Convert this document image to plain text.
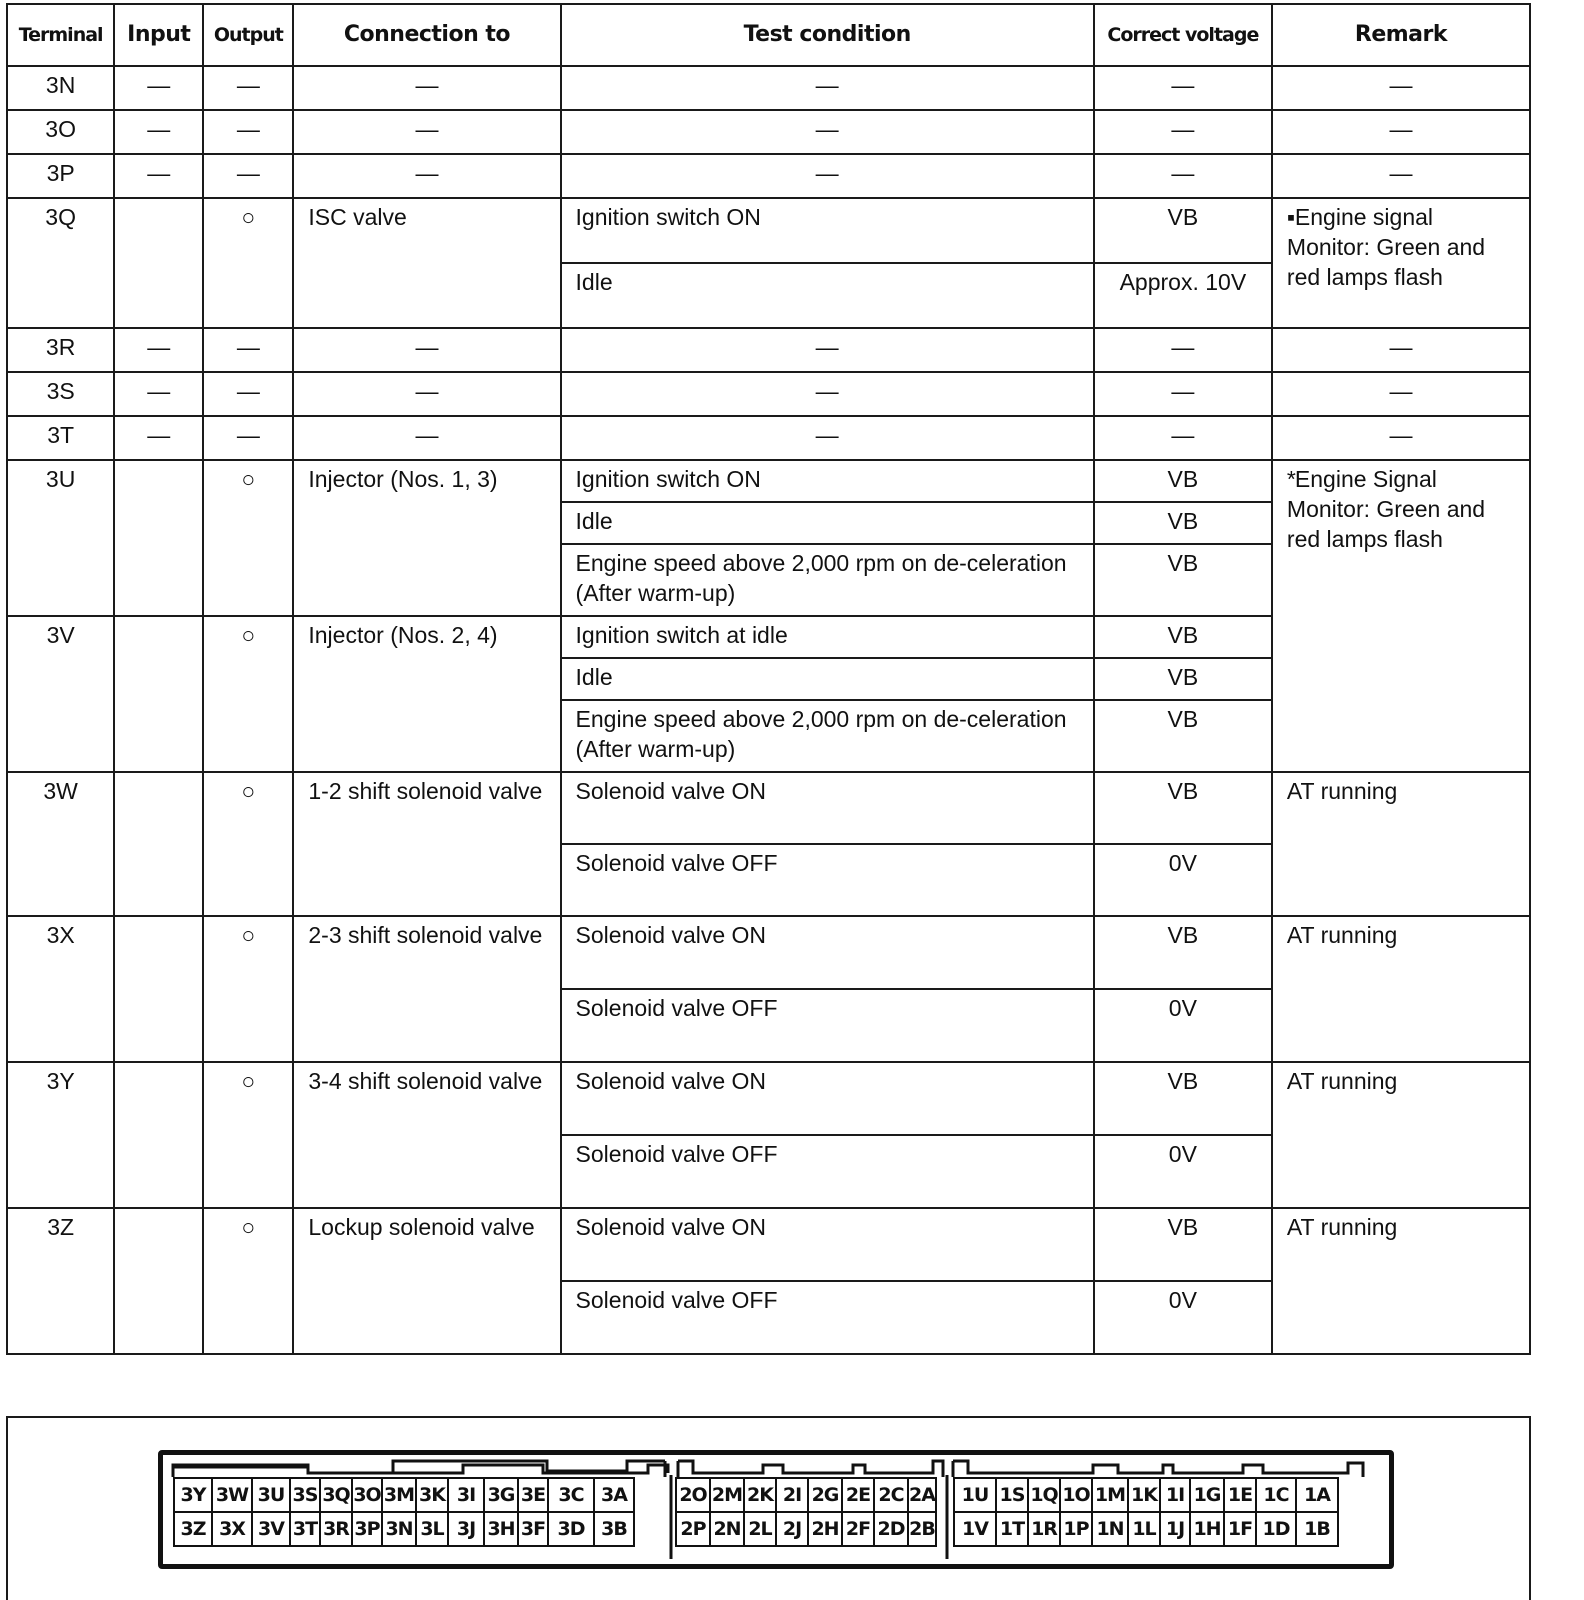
Terminal	Input	Output	Connection to	Test condition	Correct voltage	Remark
3N	—	—	—	—	—	—
3O	—	—	—	—	—	—
3P	—	—	—	—	—	—
3Q		○	ISC valve	Ignition switch ON	VB	▪Engine signal Monitor: Green and red lamps flash
				Idle	Approx. 10V	
3R	—	—	—	—	—	—
3S	—	—	—	—	—	—
3T	—	—	—	—	—	—
3U		○	Injector (Nos. 1, 3)	Ignition switch ON	VB	*Engine Signal Monitor: Green and red lamps flash
				Idle	VB	
				Engine speed above 2,000 rpm on de-celeration (After warm-up)	VB	
3V		○	Injector (Nos. 2, 4)	Ignition switch at idle	VB	
				Idle	VB	
				Engine speed above 2,000 rpm on de-celeration (After warm-up)	VB	
3W		○	1-2 shift solenoid valve	Solenoid valve ON	VB	AT running
				Solenoid valve OFF	0V	
3X		○	2-3 shift solenoid valve	Solenoid valve ON	VB	AT running
				Solenoid valve OFF	0V	
3Y		○	3-4 shift solenoid valve	Solenoid valve ON	VB	AT running
				Solenoid valve OFF	0V	
3Z		○	Lockup solenoid valve	Solenoid valve ON	VB	AT running
				Solenoid valve OFF	0V	
3Y 3W 3U 3S 3Q 3O 3M 3K 3I 3G 3E 3C 3A
3Z 3X 3V 3T 3R 3P 3N 3L 3J 3H 3F 3D 3B
2O 2M 2K 2I 2G 2E 2C 2A
2P 2N 2L 2J 2H 2F 2D 2B
1U 1S 1Q 1O 1M 1K 1I 1G 1E 1C 1A
1V 1T 1R 1P 1N 1L 1J 1H 1F 1D 1B
